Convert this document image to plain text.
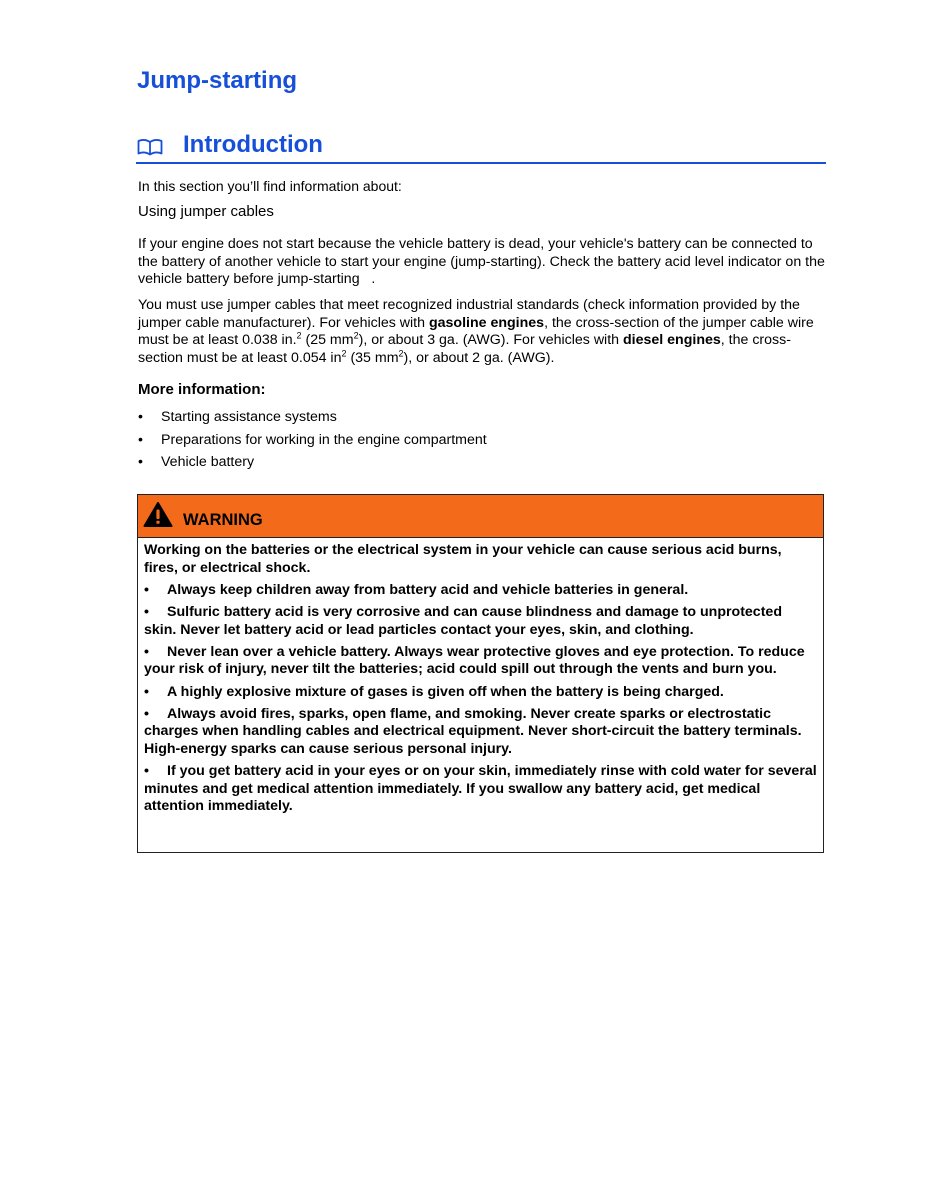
Jump-starting
Introduction
In this section you’ll find information about:
Using jumper cables

If your engine does not start because the vehicle battery is dead, your vehicle's battery can be connected to the battery of another vehicle to start your engine (jump-starting). Check the battery acid level indicator on the vehicle battery before jump-starting   .

You must use jumper cables that meet recognized industrial standards (check information provided by the jumper cable manufacturer). For vehicles with gasoline engines, the cross-section of the jumper cable wire must be at least 0.038 in.$^2$ (25 $mm^2$), or about 3 ga. (AWG). For vehicles with diesel engines, the cross-section must be at least 0.054 $in^2$ (35 $mm^2$), or about 2 ga. (AWG).

More information:
• Starting assistance systems
• Preparations for working in the engine compartment
• Vehicle battery
WARNING

Working on the batteries or the electrical system in your vehicle can cause serious acid burns, fires, or electrical shock.

• Always keep children away from battery acid and vehicle batteries in general.

• Sulfuric battery acid is very corrosive and can cause blindness and damage to unprotected skin. Never let battery acid or lead particles contact your eyes, skin, and clothing.

• Never lean over a vehicle battery. Always wear protective gloves and eye protection. To reduce your risk of injury, never tilt the batteries; acid could spill out through the vents and burn you.

• A highly explosive mixture of gases is given off when the battery is being charged.

• Always avoid fires, sparks, open flame, and smoking. Never create sparks or electrostatic charges when handling cables and electrical equipment. Never short-circuit the battery terminals. High-energy sparks can cause serious personal injury.

• If you get battery acid in your eyes or on your skin, immediately rinse with cold water for several minutes and get medical attention immediately. If you swallow any battery acid, get medical attention immediately.
